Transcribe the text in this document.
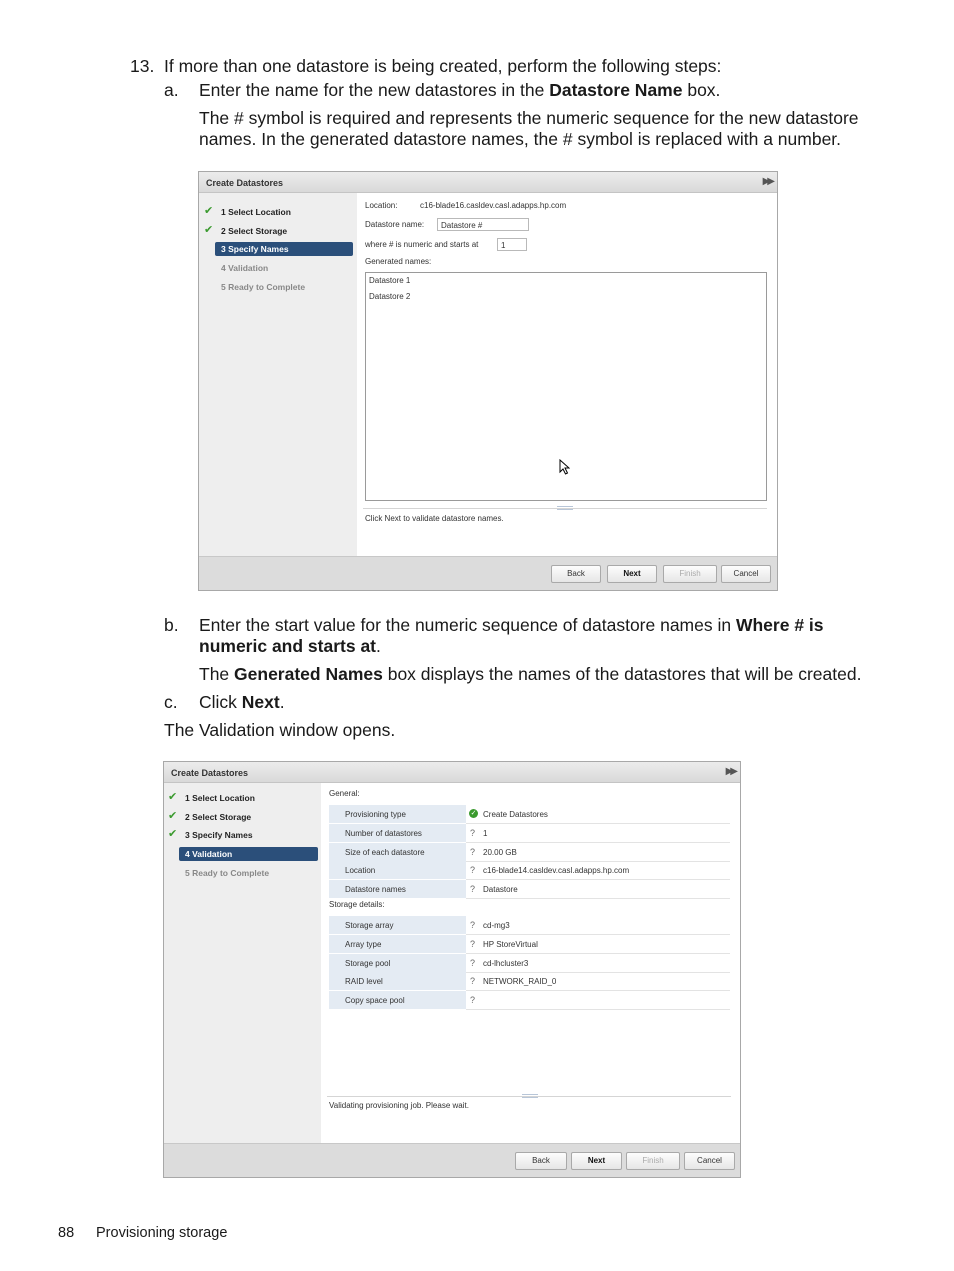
13. If more than one datastore is being created, perform the following steps:
a. Enter the name for the new datastores in the Datastore Name box.
The # symbol is required and represents the numeric sequence for the new datastore names. In the generated datastore names, the # symbol is replaced with a number.
Create Datastores	▶▶
✔ 1 Select Location
✔ 2 Select Storage
3 Specify Names
4 Validation
5 Ready to Complete
Location:	c16-blade16.casldev.casl.adapps.hp.com
Datastore name:	Datastore #
where # is numeric and starts at	1
Generated names:
Datastore 1
Datastore 2
Click Next to validate datastore names.
Back	Next	Finish	Cancel
b. Enter the start value for the numeric sequence of datastore names in Where # is numeric and starts at.
The Generated Names box displays the names of the datastores that will be created.
c. Click Next.
The Validation window opens.
Create Datastores	▶▶
✔ 1 Select Location
✔ 2 Select Storage
✔ 3 Specify Names
4 Validation
5 Ready to Complete
General:
Provisioning type	✓ Create Datastores
Number of datastores	? 1
Size of each datastore	? 20.00 GB
Location	? c16-blade14.casldev.casl.adapps.hp.com
Datastore names	? Datastore
Storage details:
Storage array	? cd-mg3
Array type	? HP StoreVirtual
Storage pool	? cd-lhcluster3
RAID level	? NETWORK_RAID_0
Copy space pool	?
Validating provisioning job. Please wait.
Back	Next	Finish	Cancel
88 Provisioning storage
